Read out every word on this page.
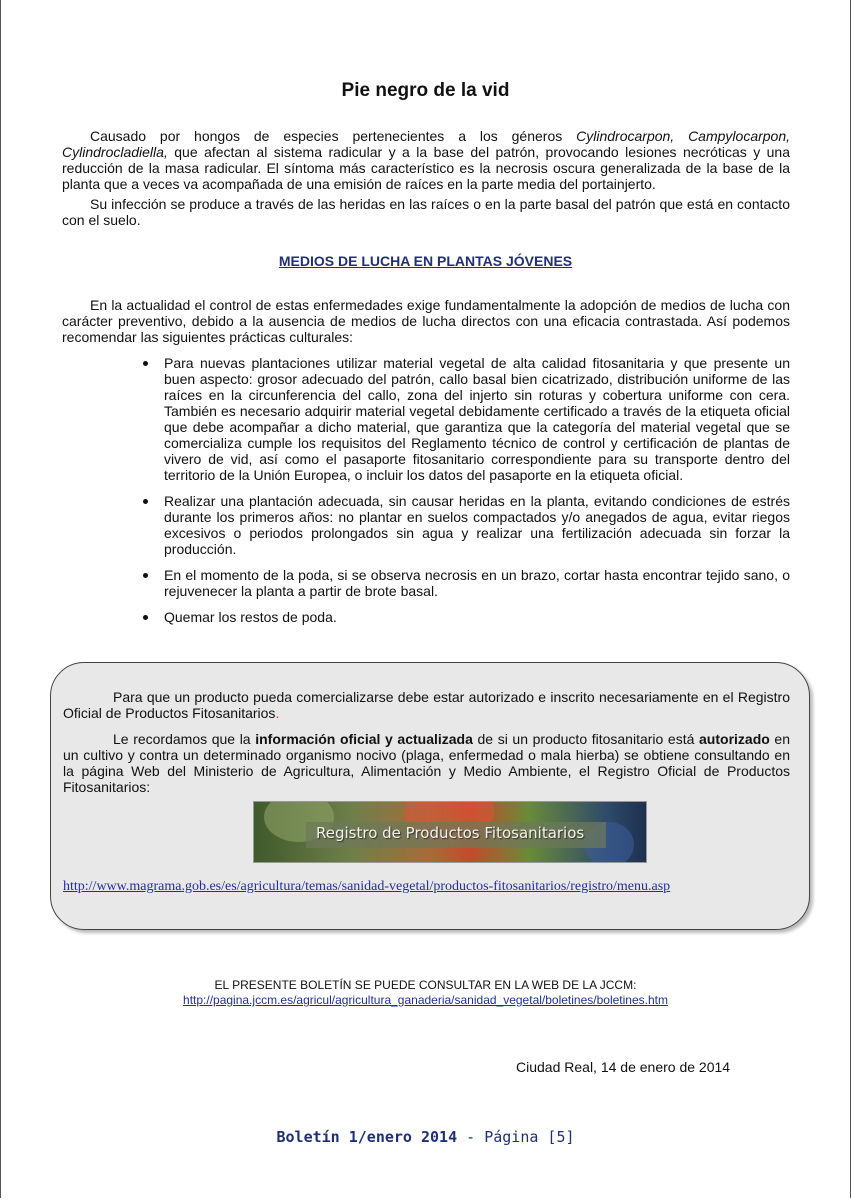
Pie negro de la vid

Causado por hongos de especies pertenecientes a los géneros Cylindrocarpon, Campylocarpon, Cylindrocladiella, que afectan al sistema radicular y a la base del patrón, provocando lesiones necróticas y una reducción de la masa radicular. El síntoma más característico es la necrosis oscura generalizada de la base de la planta que a veces va acompañada de una emisión de raíces en la parte media del portainjerto.

Su infección se produce a través de las heridas en las raíces o en la parte basal del patrón que está en contacto con el suelo.

MEDIOS DE LUCHA EN PLANTAS JÓVENES

En la actualidad el control de estas enfermedades exige fundamentalmente la adopción de medios de lucha con carácter preventivo, debido a la ausencia de medios de lucha directos con una eficacia contrastada. Así podemos recomendar las siguientes prácticas culturales:

Para nuevas plantaciones utilizar material vegetal de alta calidad fitosanitaria y que presente un buen aspecto: grosor adecuado del patrón, callo basal bien cicatrizado, distribución uniforme de las raíces en la circunferencia del callo, zona del injerto sin roturas y cobertura uniforme con cera. También es necesario adquirir material vegetal debidamente certificado a través de la etiqueta oficial que debe acompañar a dicho material, que garantiza que la categoría del material vegetal que se comercializa cumple los requisitos del Reglamento técnico de control y certificación de plantas de vivero de vid, así como el pasaporte fitosanitario correspondiente para su transporte dentro del territorio de la Unión Europea, o incluir los datos del pasaporte en la etiqueta oficial.
Realizar una plantación adecuada, sin causar heridas en la planta, evitando condiciones de estrés durante los primeros años: no plantar en suelos compactados y/o anegados de agua, evitar riegos excesivos o periodos prolongados sin agua y realizar una fertilización adecuada sin forzar la producción.
En el momento de la poda, si se observa necrosis en un brazo, cortar hasta encontrar tejido sano, o rejuvenecer la planta a partir de brote basal.
Quemar los restos de poda.

Para que un producto pueda comercializarse debe estar autorizado e inscrito necesariamente en el Registro Oficial de Productos Fitosanitarios.

Le recordamos que la información oficial y actualizada de si un producto fitosanitario está autorizado en un cultivo y contra un determinado organismo nocivo (plaga, enfermedad o mala hierba) se obtiene consultando en la página Web del Ministerio de Agricultura, Alimentación y Medio Ambiente, el Registro Oficial de Productos Fitosanitarios:

Registro de Productos Fitosanitarios
http://www.magrama.gob.es/es/agricultura/temas/sanidad-vegetal/productos-fitosanitarios/registro/menu.asp
EL PRESENTE BOLETÍN SE PUEDE CONSULTAR EN LA WEB DE LA JCCM:
http://pagina.jccm.es/agricul/agricultura_ganaderia/sanidad_vegetal/boletines/boletines.htm
Ciudad Real, 14 de enero de 2014
Boletín 1/enero 2014 - Página [5]
